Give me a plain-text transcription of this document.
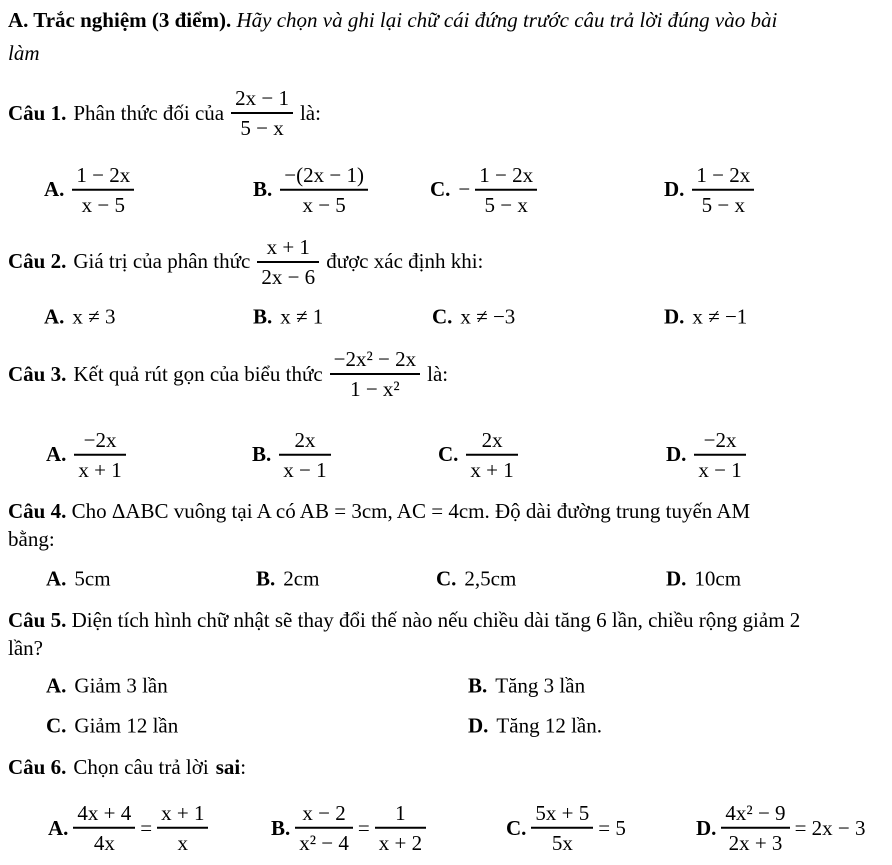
A. Trắc nghiệm (3 điểm). Hãy chọn và ghi lại chữ cái đứng trước câu trả lời đúng vào bài
làm

Câu 1. Phân thức đối của $\frac{2x - 1}{5 - x}$ là:
A. $\frac{1 - 2x}{x - 5}$	B. $\frac{-(2x - 1)}{x - 5}$	C. − $\frac{1 - 2x}{5 - x}$	D. $\frac{1 - 2x}{5 - x}$
Câu 2. Giá trị của phân thức $\frac{x + 1}{2x - 6}$ được xác định khi:
A. x ≠ 3	B. x ≠ 1	C. x ≠ −3	D. x ≠ −1
Câu 3. Kết quả rút gọn của biểu thức $\frac{\text{−2x² − 2x}}{\text{1 − x²}}$ là:
A. $\frac{-2x}{x + 1}$	B. $\frac{2x}{x - 1}$	C. $\frac{2x}{x + 1}$	D. $\frac{-2x}{x - 1}$

Câu 4. Cho ΔABC vuông tại A có AB = 3cm, AC = 4cm. Độ dài đường trung tuyến AM
bằng:

A. 5cm	B. 2cm	C. 2,5cm	D. 10cm

Câu 5. Diện tích hình chữ nhật sẽ thay đổi thế nào nếu chiều dài tăng 6 lần, chiều rộng giảm 2
lần?

A. Giảm 3 lần	B. Tăng 3 lần
C. Giảm 12 lần	D. Tăng 12 lần.
Câu 6. Chọn câu trả lời sai:
A. $\frac{4x + 4}{4x} = \frac{x + 1}{x}$	B. $\frac{x - 2}{\text{x² − 4}} = \frac{1}{x + 2}$	C. $\frac{5x + 5}{5x} = 5$	D. $\frac{\text{4x² − 9}}{2x + 3} = 2x - 3$
